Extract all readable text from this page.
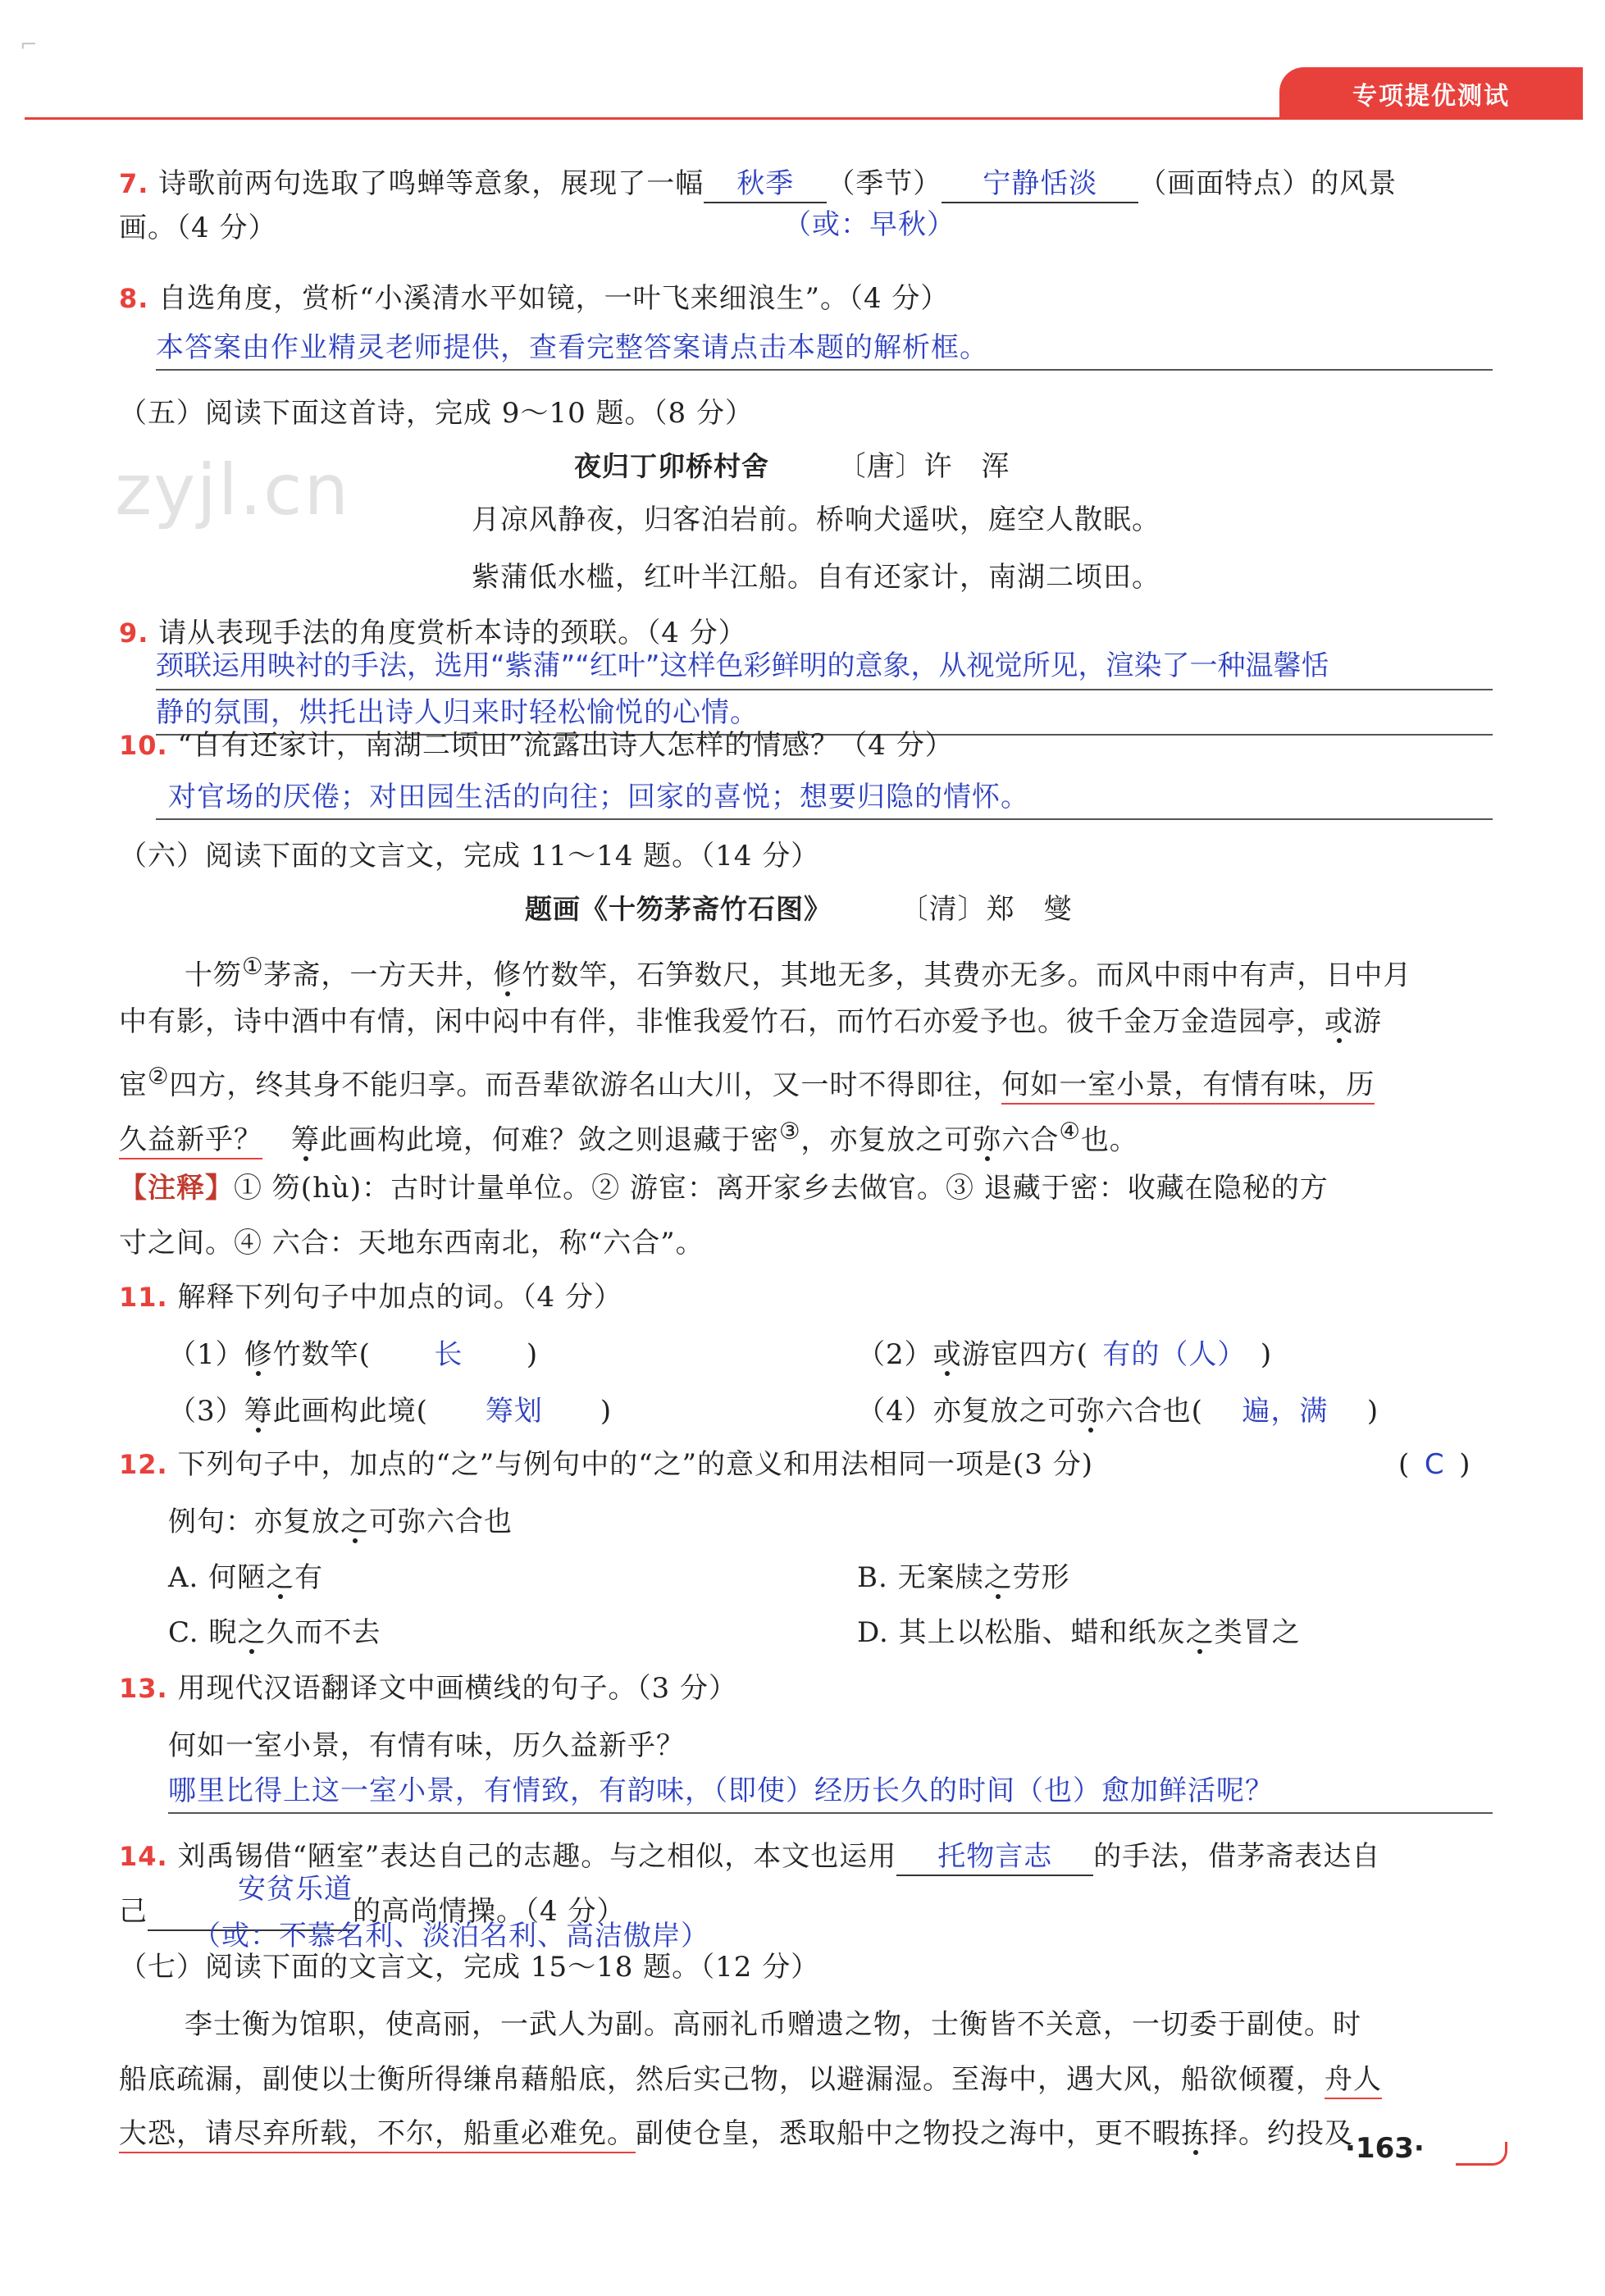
⌐
专项提优测试
zyjl.cn
7. 诗歌前两句选取了鸣蝉等意象，展现了一幅 秋季 （季节） 宁静恬淡 （画面特点）的风景
画。（4 分）	（或：早秋）
8. 自选角度，赏析“小溪清水平如镜，一叶飞来细浪生”。（4 分）
本答案由作业精灵老师提供，查看完整答案请点击本题的解析框。
（五）阅读下面这首诗，完成 9～10 题。（8 分）
夜归丁卯桥村舍 〔唐〕许　浑
月凉风静夜，归客泊岩前。桥响犬遥吠，庭空人散眠。
紫蒲低水槛，红叶半江船。自有还家计，南湖二顷田。
9. 请从表现手法的角度赏析本诗的颈联。（4 分）
颈联运用映衬的手法，选用“紫蒲”“红叶”这样色彩鲜明的意象，从视觉所见，渲染了一种温馨恬
静的氛围，烘托出诗人归来时轻松愉悦的心情。
10. “自有还家计，南湖二顷田”流露出诗人怎样的情感？（4 分）
对官场的厌倦；对田园生活的向往；回家的喜悦；想要归隐的情怀。
（六）阅读下面的文言文，完成 11～14 题。（14 分）
题画《十笏茅斋竹石图》 〔清〕郑　燮
十笏①茅斋，一方天井，修竹数竿，石笋数尺，其地无多，其费亦无多。而风中雨中有声，日中月
中有影，诗中酒中有情，闲中闷中有伴，非惟我爱竹石，而竹石亦爱予也。彼千金万金造园亭，或游
宦②四方，终其身不能归享。而吾辈欲游名山大川，又一时不得即往，何如一室小景，有情有味，历
久益新乎？　 筹此画构此境，何难？敛之则退藏于密③，亦复放之可弥六合④也。
【注释】① 笏(hù)：古时计量单位。② 游宦：离开家乡去做官。③ 退藏于密：收藏在隐秘的方
寸之间。④ 六合：天地东西南北，称“六合”。
11. 解释下列句子中加点的词。（4 分）
（1）修竹数竿( 长 )	（2）或游宦四方( 有的（人） )
（3）筹此画构此境( 筹划 )	（4）亦复放之可弥六合也( 遍，满 )
12. 下列句子中，加点的“之”与例句中的“之”的意义和用法相同一项是(3 分)	( C )
例句：亦复放之可弥六合也
A. 何陋之有	B. 无案牍之劳形
C. 睨之久而不去	D. 其上以松脂、蜡和纸灰之类冒之
13. 用现代汉语翻译文中画横线的句子。（3 分）
何如一室小景，有情有味，历久益新乎？
哪里比得上这一室小景，有情致，有韵味，（即使）经历长久的时间（也）愈加鲜活呢？
14. 刘禹锡借“陋室”表达自己的志趣。与之相似，本文也运用 托物言志 的手法，借茅斋表达自
安贫乐道
己	的高尚情操。（4 分）
（或：不慕名利、淡泊名利、高洁傲岸）
（七）阅读下面的文言文，完成 15～18 题。（12 分）
李士衡为馆职，使高丽，一武人为副。高丽礼币赠遗之物，士衡皆不关意，一切委于副使。时
船底疏漏，副使以士衡所得缣帛藉船底，然后实己物，以避漏湿。至海中，遇大风，船欲倾覆，舟人
大恐，请尽弃所载，不尔，船重必难免。副使仓皇，悉取船中之物投之海中，更不暇拣择。约投及
·163·
